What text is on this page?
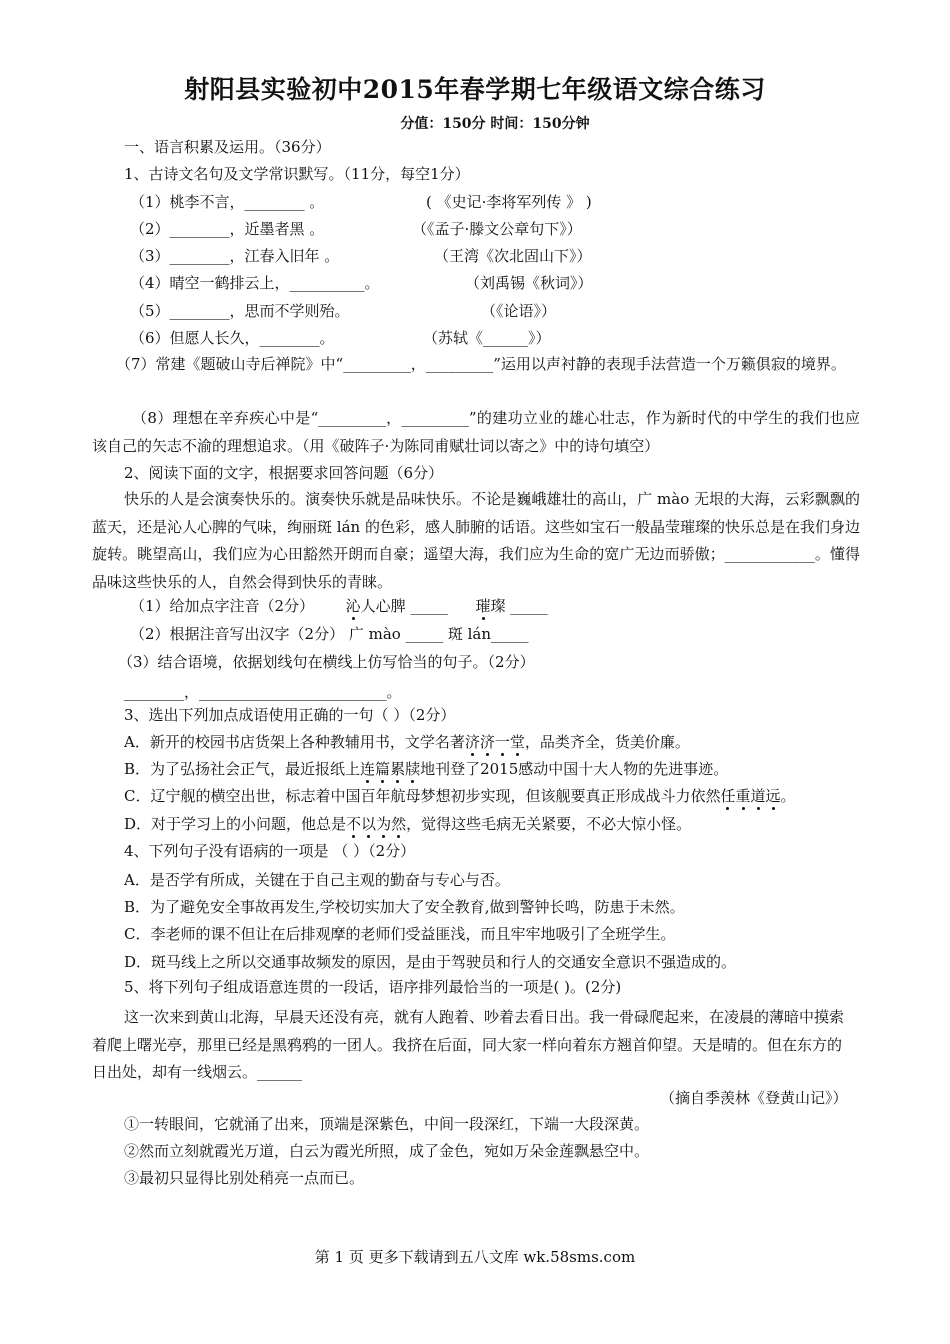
射阳县实验初中2015年春学期七年级语文综合练习
分值：150分 时间：150分钟
一、语言积累及运用。（36分）
1、古诗文名句及文学常识默写。（11分，每空1分）
（1）桃李不言，________ 。	( 《史记·李将军列传 》 )
（2）________，近墨者黑 。	（《孟子·滕文公章句下》）
（3）________，江春入旧年 。	（王湾《次北固山下》）
（4）晴空一鹤排云上，__________。	（刘禹锡《秋词》）
（5）________，思而不学则殆。	（《论语》）
（6）但愿人长久，________。	（苏轼《______》）
（7）常建《题破山寺后禅院》中“_________，_________”运用以声衬静的表现手法营造一个万籁俱寂的境界。
（8）理想在辛弃疾心中是“_________，_________”的建功立业的雄心壮志，作为新时代的中学生的我们也应该自己的矢志不渝的理想追求。（用《破阵子·为陈同甫赋壮词以寄之》中的诗句填空）
2、阅读下面的文字，根据要求回答问题（6分）
快乐的人是会演奏快乐的。演奏快乐就是品味快乐。不论是巍峨雄壮的高山，广 mào 无垠的大海，云彩飘飘的蓝天，还是沁人心脾的气味，绚丽斑 lán 的色彩，感人肺腑的话语。这些如宝石一般晶莹璀璨的快乐总是在我们身边旋转。眺望高山，我们应为心田豁然开朗而自豪；遥望大海，我们应为生命的宽广无边而骄傲；____________。懂得品味这些快乐的人，自然会得到快乐的青睐。
（1）给加点字注音（2分） 沁人心脾 _____ 璀璨 _____
（2）根据注音写出汉字（2分） 广 mào _____ 斑 lán_____
（3）结合语境，依据划线句在横线上仿写恰当的句子。（2分）
________，_________________________。
3、选出下列加点成语使用正确的一句（ ）（2分）
A．新开的校园书店货架上各种教辅用书，文学名著济济一堂，品类齐全，货美价廉。
B．为了弘扬社会正气，最近报纸上连篇累牍地刊登了2015感动中国十大人物的先进事迹。
C．辽宁舰的横空出世，标志着中国百年航母梦想初步实现，但该舰要真正形成战斗力依然任重道远。
D．对于学习上的小问题，他总是不以为然，觉得这些毛病无关紧要，不必大惊小怪。
4、下列句子没有语病的一项是 （ ）（2分）
A．是否学有所成，关键在于自己主观的勤奋与专心与否。
B．为了避免安全事故再发生,学校切实加大了安全教育,做到警钟长鸣，防患于未然。
C．李老师的课不但让在后排观摩的老师们受益匪浅，而且牢牢地吸引了全班学生。
D．斑马线上之所以交通事故频发的原因，是由于驾驶员和行人的交通安全意识不强造成的。
5、将下列句子组成语意连贯的一段话，语序排列最恰当的一项是( )。(2分)
这一次来到黄山北海，早晨天还没有亮，就有人跑着、吵着去看日出。我一骨碌爬起来，在凌晨的薄暗中摸索着爬上曙光亭，那里已经是黑鸦鸦的一团人。我挤在后面，同大家一样向着东方翘首仰望。天是晴的。但在东方的日出处，却有一线烟云。______
（摘自季羡林《登黄山记》）
①一转眼间，它就涌了出来，顶端是深紫色，中间一段深红，下端一大段深黄。
②然而立刻就霞光万道，白云为霞光所照，成了金色，宛如万朵金莲飘悬空中。
③最初只显得比别处稍亮一点而已。
第 1 页 更多下载请到五八文库 wk.58sms.com
